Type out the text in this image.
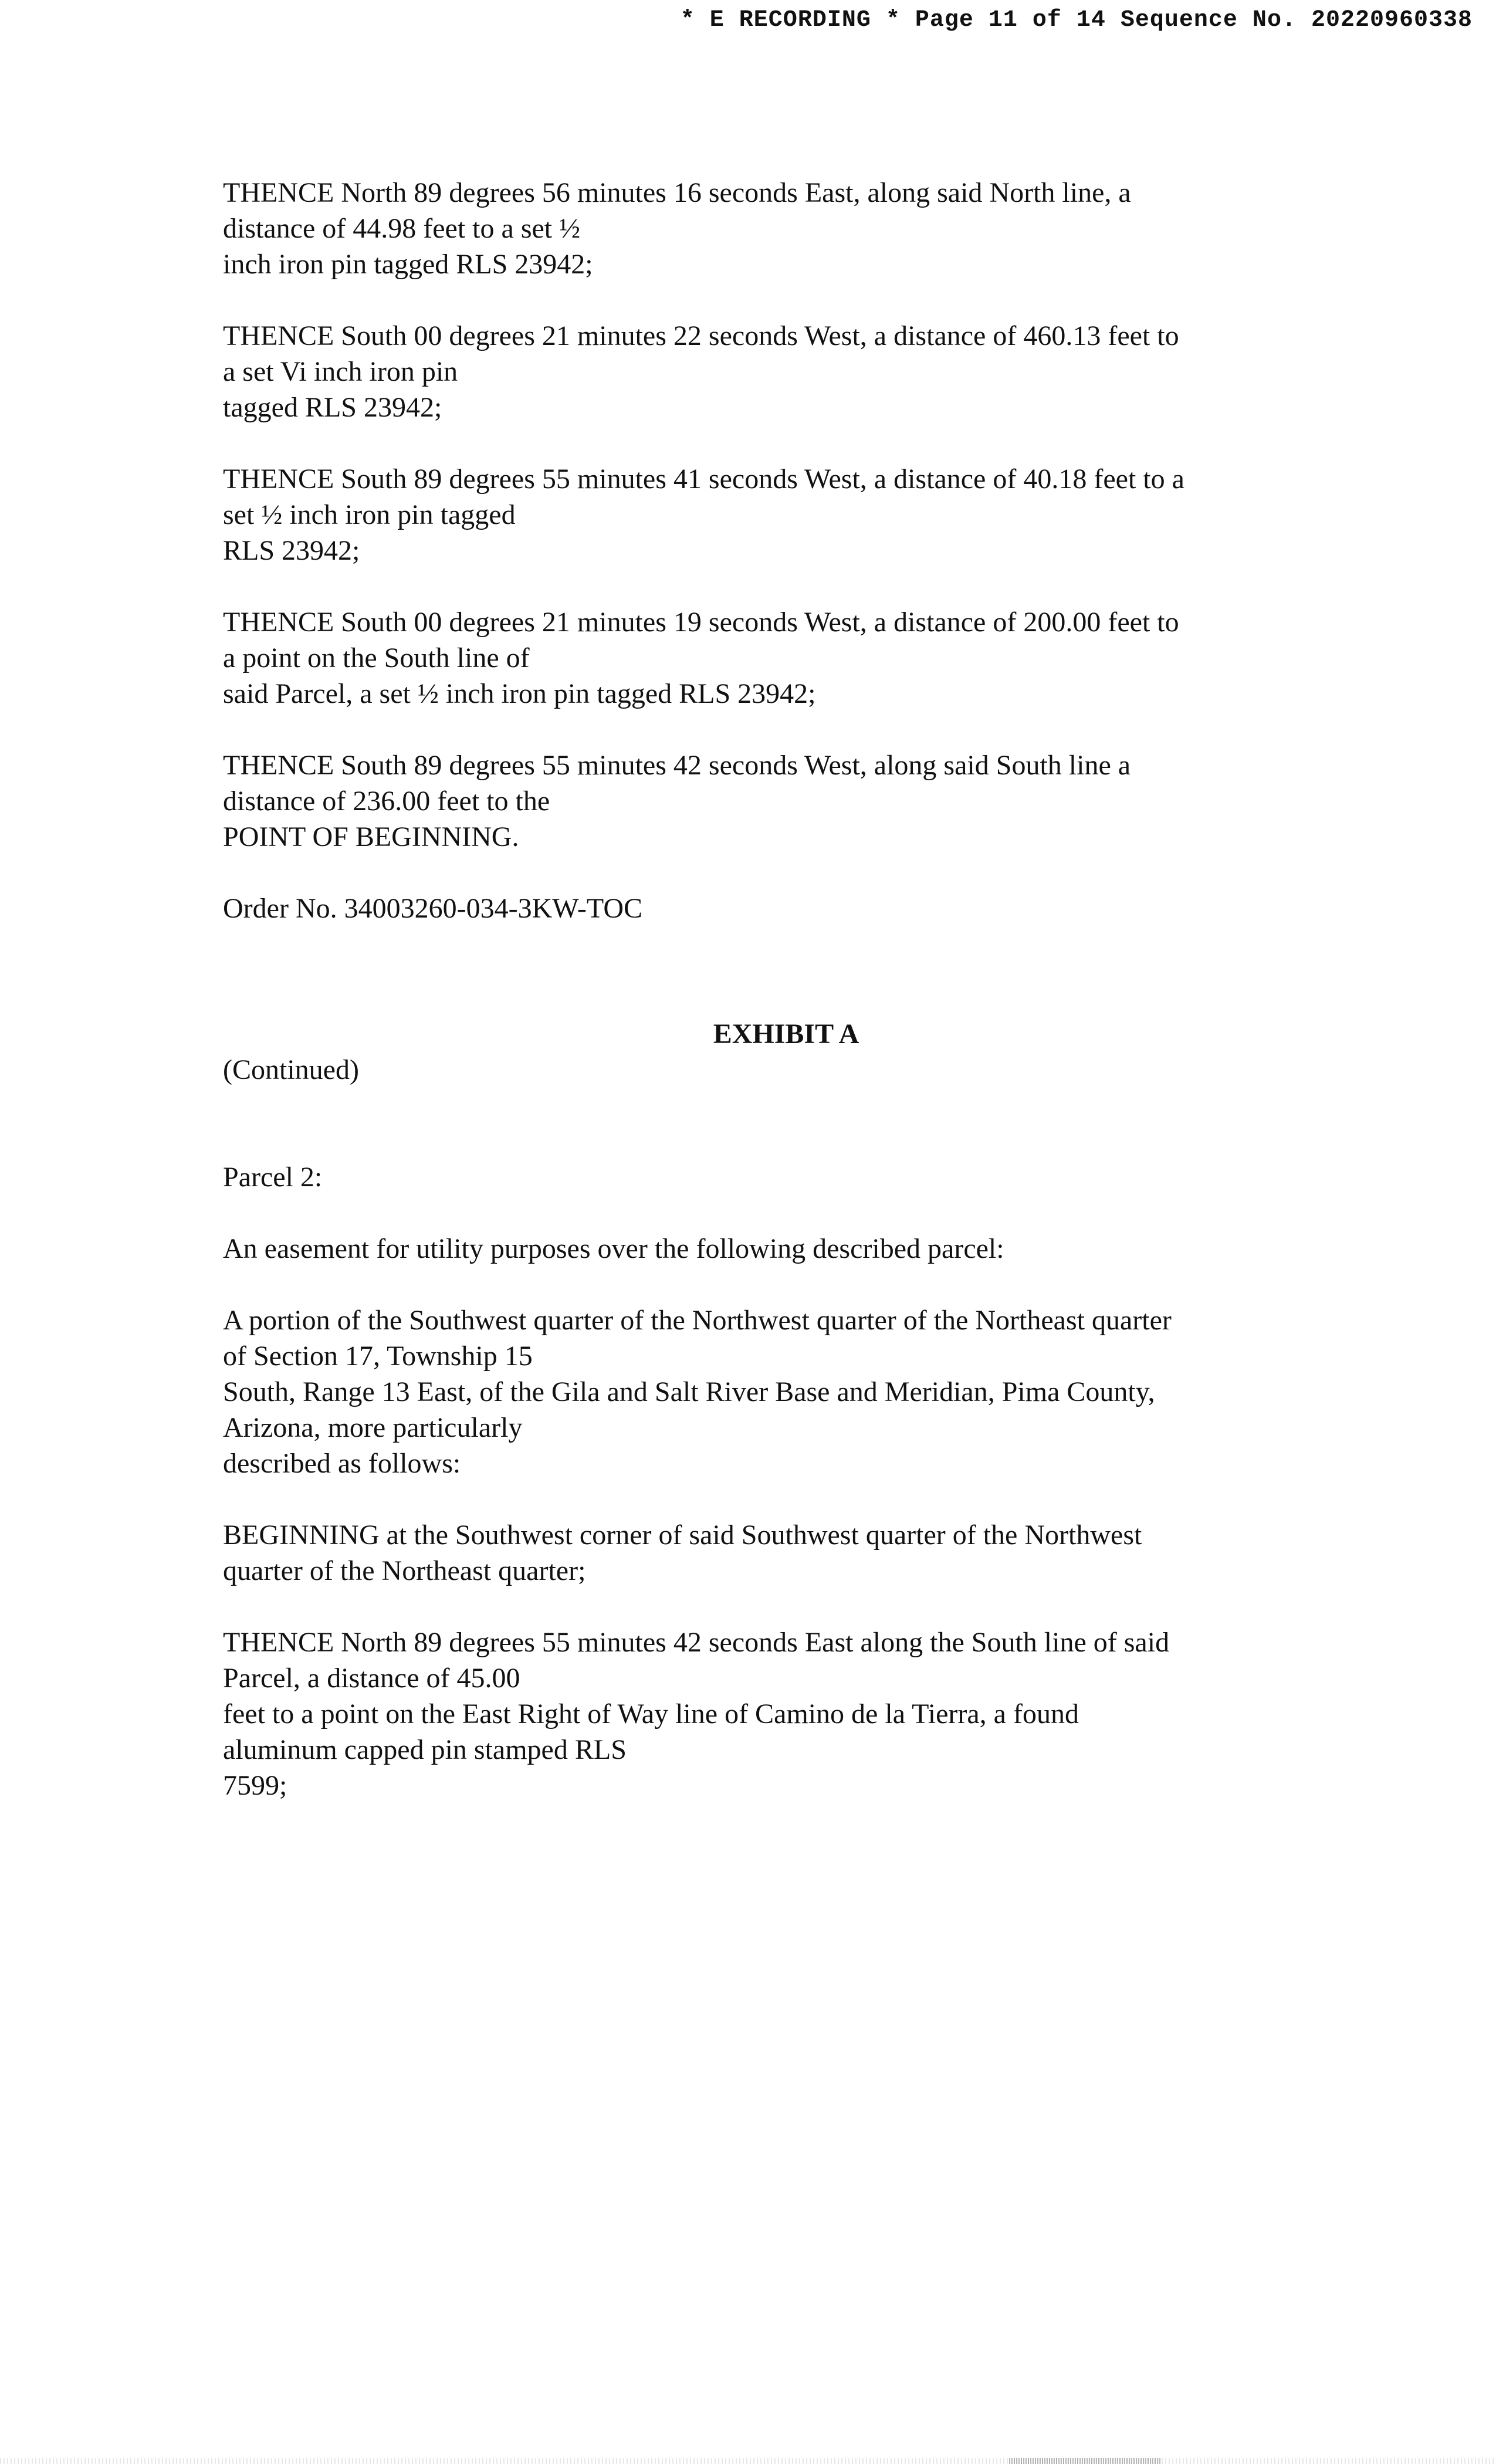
* E RECORDING * Page 11 of 14 Sequence No. 20220960338
THENCE North 89 degrees 56 minutes 16 seconds East, along said North line, a
distance of 44.98 feet to a set ½
inch iron pin tagged RLS 23942;
THENCE South 00 degrees 21 minutes 22 seconds West, a distance of 460.13 feet to
a set Vi inch iron pin
tagged RLS 23942;
THENCE South 89 degrees 55 minutes 41 seconds West, a distance of 40.18 feet to a
set ½ inch iron pin tagged
RLS 23942;
THENCE South 00 degrees 21 minutes 19 seconds West, a distance of 200.00 feet to
a point on the South line of
said Parcel, a set ½ inch iron pin tagged RLS 23942;
THENCE South 89 degrees 55 minutes 42 seconds West, along said South line a
distance of 236.00 feet to the
POINT OF BEGINNING.
Order No. 34003260-034-3KW-TOC
EXHIBIT A
(Continued)
Parcel 2:
An easement for utility purposes over the following described parcel:
A portion of the Southwest quarter of the Northwest quarter of the Northeast quarter
of Section 17, Township 15
South, Range 13 East, of the Gila and Salt River Base and Meridian, Pima County,
Arizona, more particularly
described as follows:
BEGINNING at the Southwest corner of said Southwest quarter of the Northwest
quarter of the Northeast quarter;
THENCE North 89 degrees 55 minutes 42 seconds East along the South line of said
Parcel, a distance of 45.00
feet to a point on the East Right of Way line of Camino de la Tierra, a found
aluminum capped pin stamped RLS
7599;
